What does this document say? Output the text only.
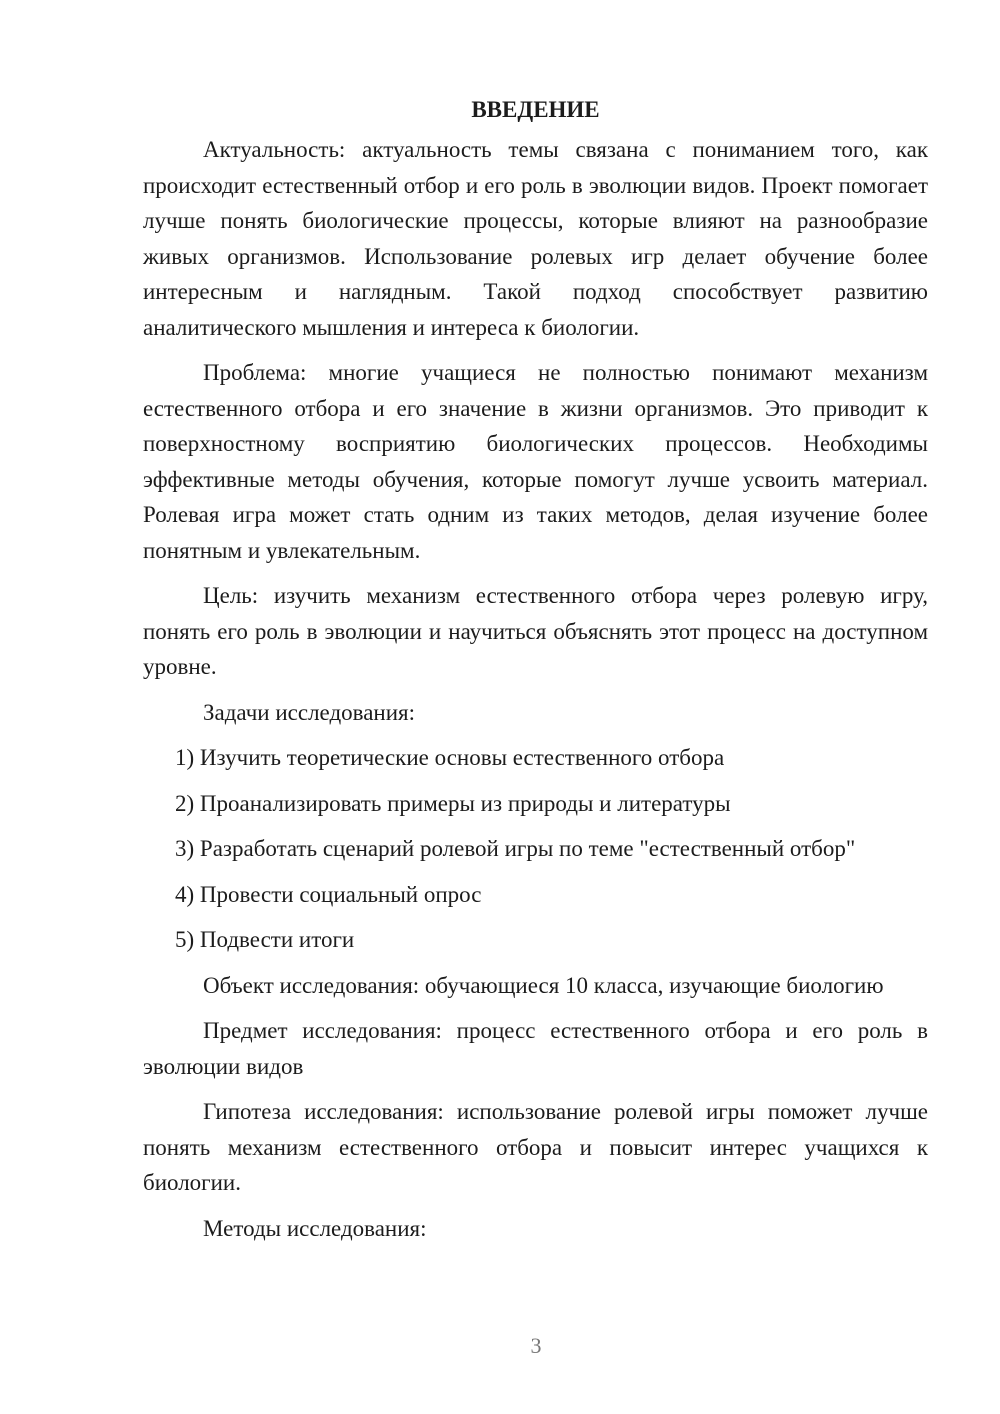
ВВЕДЕНИЕ

Актуальность: актуальность темы связана с пониманием того, как происходит естественный отбор и его роль в эволюции видов. Проект помогает лучше понять биологические процессы, которые влияют на разнообразие живых организмов. Использование ролевых игр делает обучение более интересным и наглядным. Такой подход способствует развитию аналитического мышления и интереса к биологии.

Проблема: многие учащиеся не полностью понимают механизм естественного отбора и его значение в жизни организмов. Это приводит к поверхностному восприятию биологических процессов. Необходимы эффективные методы обучения, которые помогут лучше усвоить материал. Ролевая игра может стать одним из таких методов, делая изучение более понятным и увлекательным.

Цель: изучить механизм естественного отбора через ролевую игру, понять его роль в эволюции и научиться объяснять этот процесс на доступном уровне.

Задачи исследования:

1) Изучить теоретические основы естественного отбора
2) Проанализировать примеры из природы и литературы
3) Разработать сценарий ролевой игры по теме "естественный отбор"
4) Провести социальный опрос
5) Подвести итоги

Объект исследования: обучающиеся 10 класса, изучающие биологию

Предмет исследования: процесс естественного отбора и его роль в эволюции видов

Гипотеза исследования: использование ролевой игры поможет лучше понять механизм естественного отбора и повысит интерес учащихся к биологии.

Методы исследования:

3
